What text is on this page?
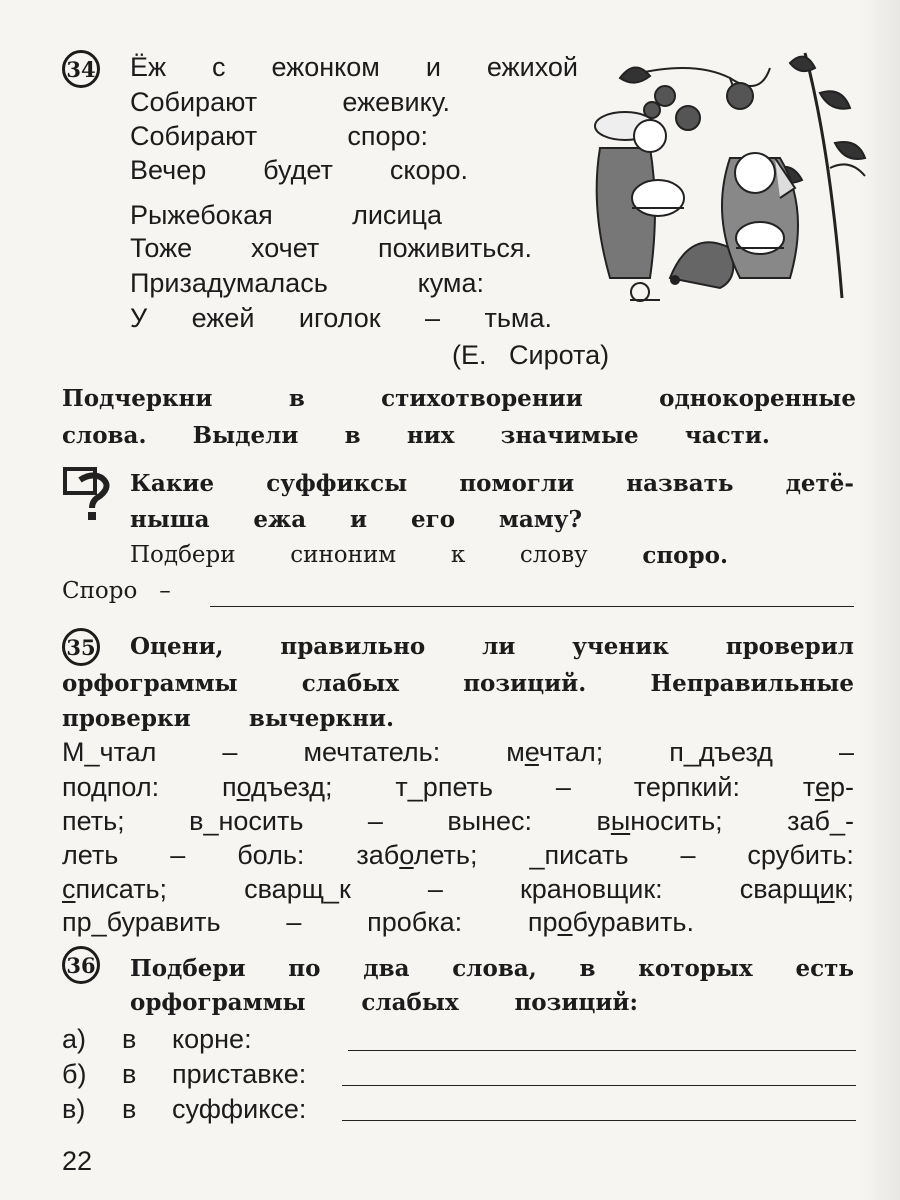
34 Ёж с ежонком и ежихой
Собирают	ежевику.
Собирают	споро:
Вечер будет скоро.
Рыжебокая	лисица
Тоже хочет поживиться.
Призадумалась	кума:
У ежей иголок – тьма.
(Е.   Сирота)
Подчеркни	в	стихотворении	однокоренные
слова. Выдели в них значимые части.
Какие суффиксы помогли назвать детё-
ныша ежа и его маму?
Подбери синоним к слову споро.
Споро   –
35 Оцени, правильно ли ученик проверил
орфограммы	слабых	позиций.	Неправильные
проверки	вычеркни.
М_чтал – мечтатель: мечтал; п_дъезд –
подпол: подъезд; т_рпеть – терпкий: тер-
петь; в_носить – вынес: выносить; заб_-
леть – боль: заболеть; _писать – срубить:
списать;	сварщ_к	–	крановщик:	сварщик;
пр_буравить – пробка: пробуравить.
36 Подбери по два слова, в которых есть
орфограммы слабых позиций:
а) в корне:
б) в приставке:
в) в суффиксе:
22
